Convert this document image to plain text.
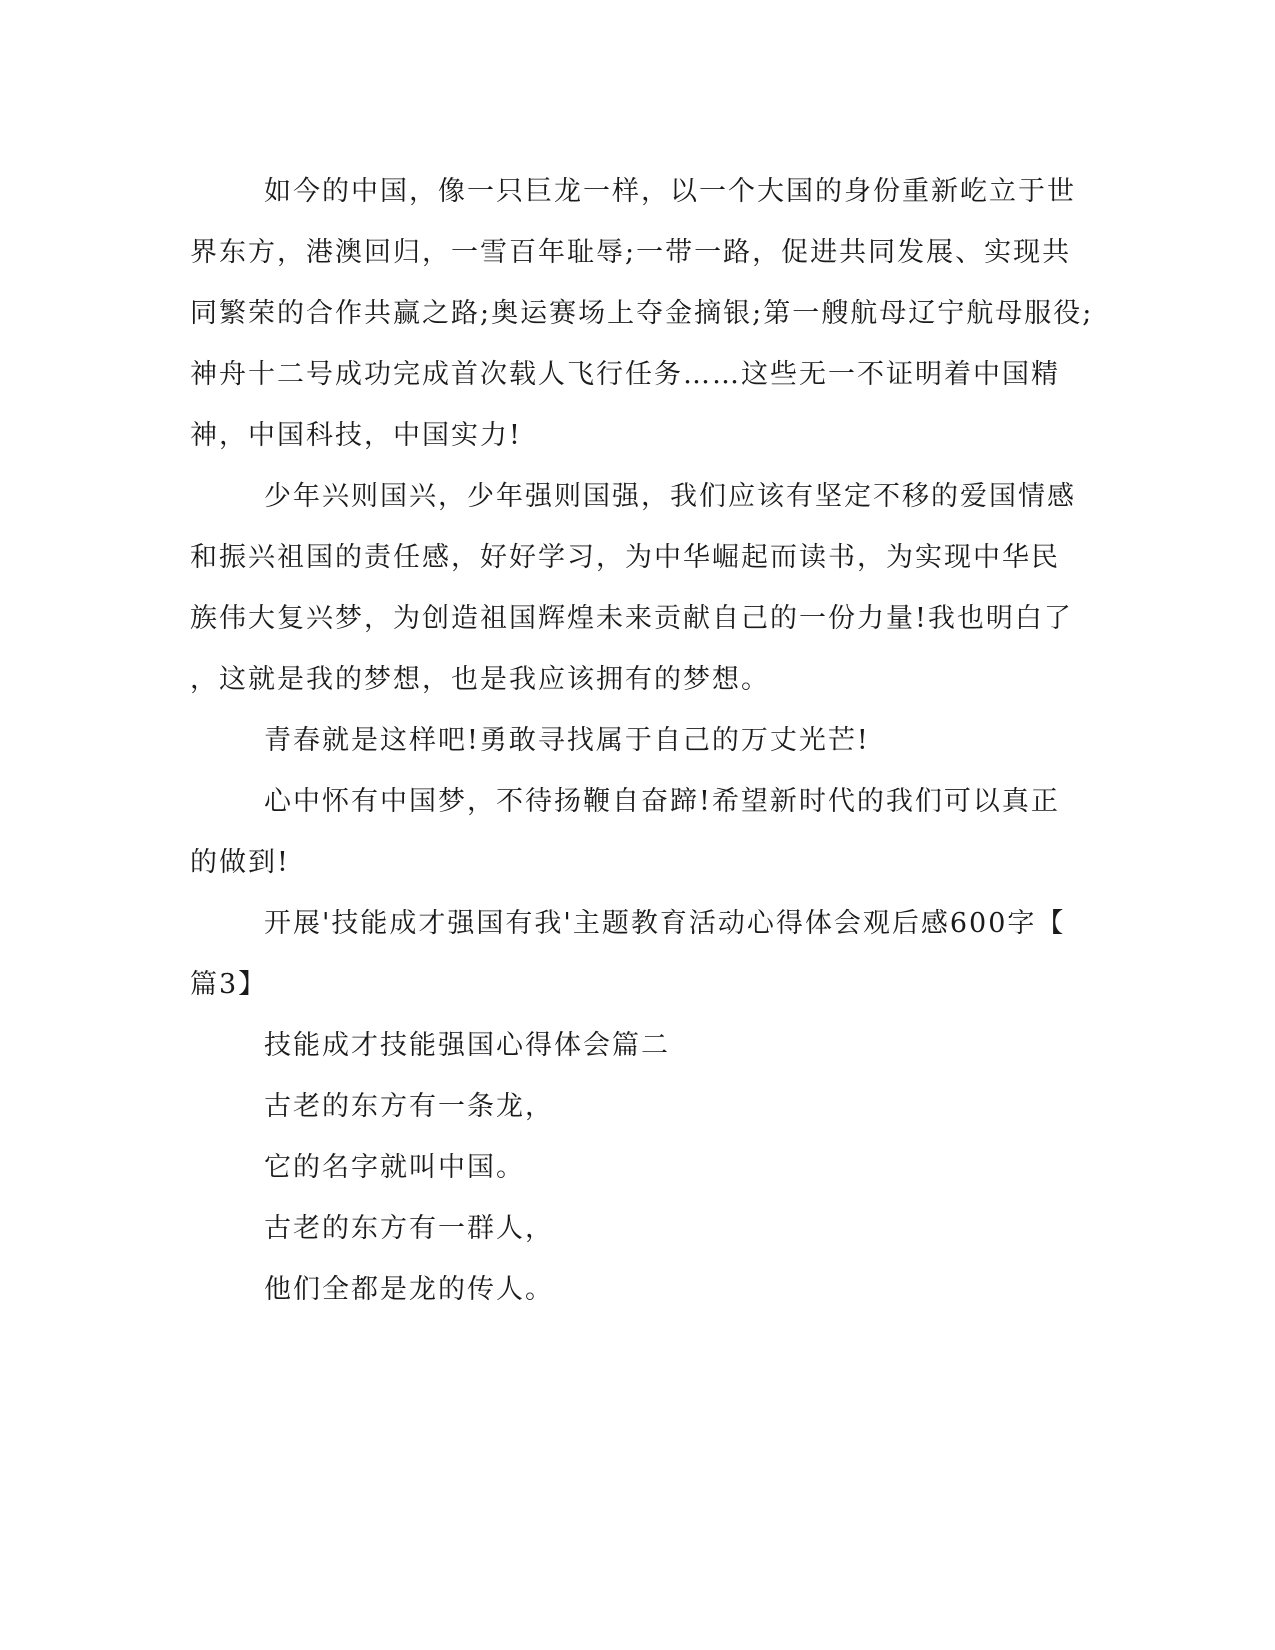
如今的中国，像一只巨龙一样，以一个大国的身份重新屹立于世
界东方，港澳回归，一雪百年耻辱;一带一路，促进共同发展、实现共
同繁荣的合作共赢之路;奥运赛场上夺金摘银;第一艘航母辽宁航母服役;
神舟十二号成功完成首次载人飞行任务……这些无一不证明着中国精
神，中国科技，中国实力!
少年兴则国兴，少年强则国强，我们应该有坚定不移的爱国情感
和振兴祖国的责任感，好好学习，为中华崛起而读书，为实现中华民
族伟大复兴梦，为创造祖国辉煌未来贡献自己的一份力量!我也明白了
，这就是我的梦想，也是我应该拥有的梦想。
青春就是这样吧!勇敢寻找属于自己的万丈光芒!
心中怀有中国梦，不待扬鞭自奋蹄!希望新时代的我们可以真正
的做到!
开展'技能成才强国有我'主题教育活动心得体会观后感600字【
篇3】
技能成才技能强国心得体会篇二
古老的东方有一条龙，
它的名字就叫中国。
古老的东方有一群人，
他们全都是龙的传人。
